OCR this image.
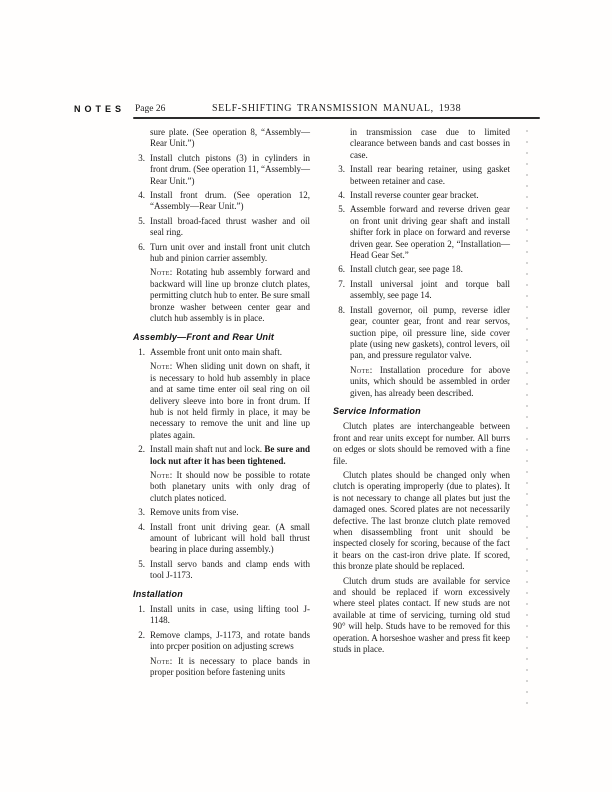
NOTES Page 26	SELF-SHIFTING TRANSMISSION MANUAL, 1938

sure plate. (See operation 8, “Assembly—Rear Unit.”)

3. Install clutch pistons (3) in cylinders in front drum. (See operation 11, “Assembly—Rear Unit.”)

4. Install front drum. (See operation 12, “Assembly—Rear Unit.”)

5. Install broad-faced thrust washer and oil seal ring.

6. Turn unit over and install front unit clutch hub and pinion carrier assembly.

Note: Rotating hub assembly forward and backward will line up bronze clutch plates, permitting clutch hub to enter. Be sure small bronze washer between center gear and clutch hub assembly is in place.

Assembly—Front and Rear Unit

1. Assemble front unit onto main shaft.

Note: When sliding unit down on shaft, it is necessary to hold hub assembly in place and at same time enter oil seal ring on oil delivery sleeve into bore in front drum. If hub is not held firmly in place, it may be necessary to remove the unit and line up plates again.

2. Install main shaft nut and lock. Be sure and lock nut after it has been tightened.

Note: It should now be possible to rotate both planetary units with only drag of clutch plates noticed.

3. Remove units from vise.

4. Install front unit driving gear. (A small amount of lubricant will hold ball thrust bearing in place during assembly.)

5. Install servo bands and clamp ends with tool J-1173.

Installation

1. Install units in case, using lifting tool J-1148.

2. Remove clamps, J-1173, and rotate bands into prcper position on adjusting screws

Note: It is necessary to place bands in proper position before fastening units

in transmission case due to limited clearance between bands and cast bosses in case.

3. Install rear bearing retainer, using gasket between retainer and case.

4. Install reverse counter gear bracket.

5. Assemble forward and reverse driven gear on front unit driving gear shaft and install shifter fork in place on forward and reverse driven gear. See operation 2, “Installation—Head Gear Set.”

6. Install clutch gear, see page 18.

7. Install universal joint and torque ball assembly, see page 14.

8. Install governor, oil pump, reverse idler gear, counter gear, front and rear servos, suction pipe, oil pressure line, side cover plate (using new gaskets), control levers, oil pan, and pressure regulator valve.

Note: Installation procedure for above units, which should be assembled in order given, has already been described.

Service Information

Clutch plates are interchangeable between front and rear units except for number. All burrs on edges or slots should be removed with a fine file.

Clutch plates should be changed only when clutch is operating improperly (due to plates). It is not necessary to change all plates but just the damaged ones. Scored plates are not necessarily defective. The last bronze clutch plate removed when disassembling front unit should be inspected closely for scoring, because of the fact it bears on the cast-iron drive plate. If scored, this bronze plate should be replaced.

Clutch drum studs are available for service and should be replaced if worn excessively where steel plates contact. If new studs are not available at time of servicing, turning old stud 90° will help. Studs have to be removed for this operation. A horseshoe washer and press fit keep studs in place.
